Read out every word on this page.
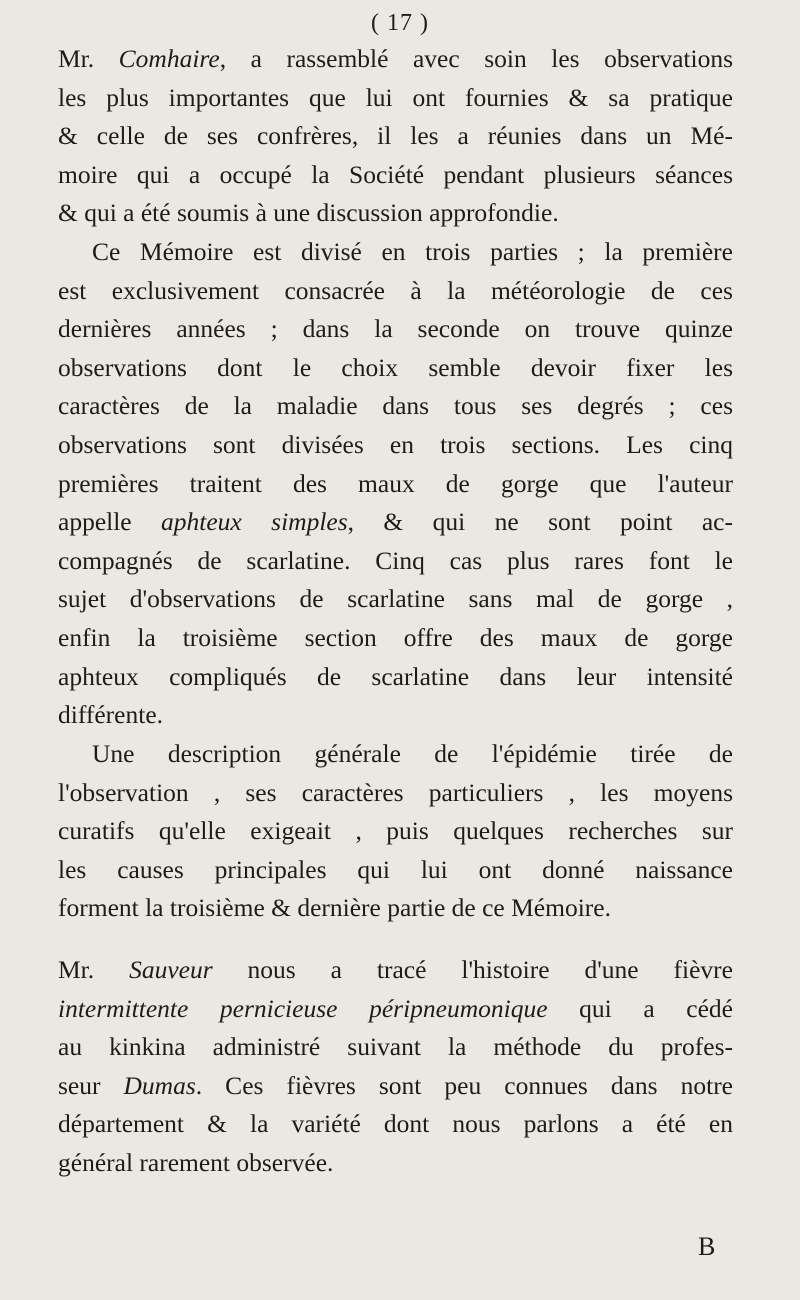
( 17 )
Mr. Comhaire, a rassemblé avec soin les observations
les plus importantes que lui ont fournies & sa pratique
& celle de ses confrères, il les a réunies dans un Mé-
moire qui a occupé la Société pendant plusieurs séances
& qui a été soumis à une discussion approfondie.
Ce Mémoire est divisé en trois parties ; la première
est exclusivement consacrée à la météorologie de ces
dernières années ; dans la seconde on trouve quinze
observations dont le choix semble devoir fixer les
caractères de la maladie dans tous ses degrés ; ces
observations sont divisées en trois sections. Les cinq
premières traitent des maux de gorge que l'auteur
appelle aphteux simples, & qui ne sont point ac-
compagnés de scarlatine. Cinq cas plus rares font le
sujet d'observations de scarlatine sans mal de gorge ,
enfin la troisième section offre des maux de gorge
aphteux compliqués de scarlatine dans leur intensité
différente.
Une description générale de l'épidémie tirée de
l'observation , ses caractères particuliers , les moyens
curatifs qu'elle exigeait , puis quelques recherches sur
les causes principales qui lui ont donné naissance
forment la troisième & dernière partie de ce Mémoire.
Mr. Sauveur nous a tracé l'histoire d'une fièvre
intermittente pernicieuse péripneumonique qui a cédé
au kinkina administré suivant la méthode du profes-
seur Dumas. Ces fièvres sont peu connues dans notre
département & la variété dont nous parlons a été en
général rarement observée.
B
